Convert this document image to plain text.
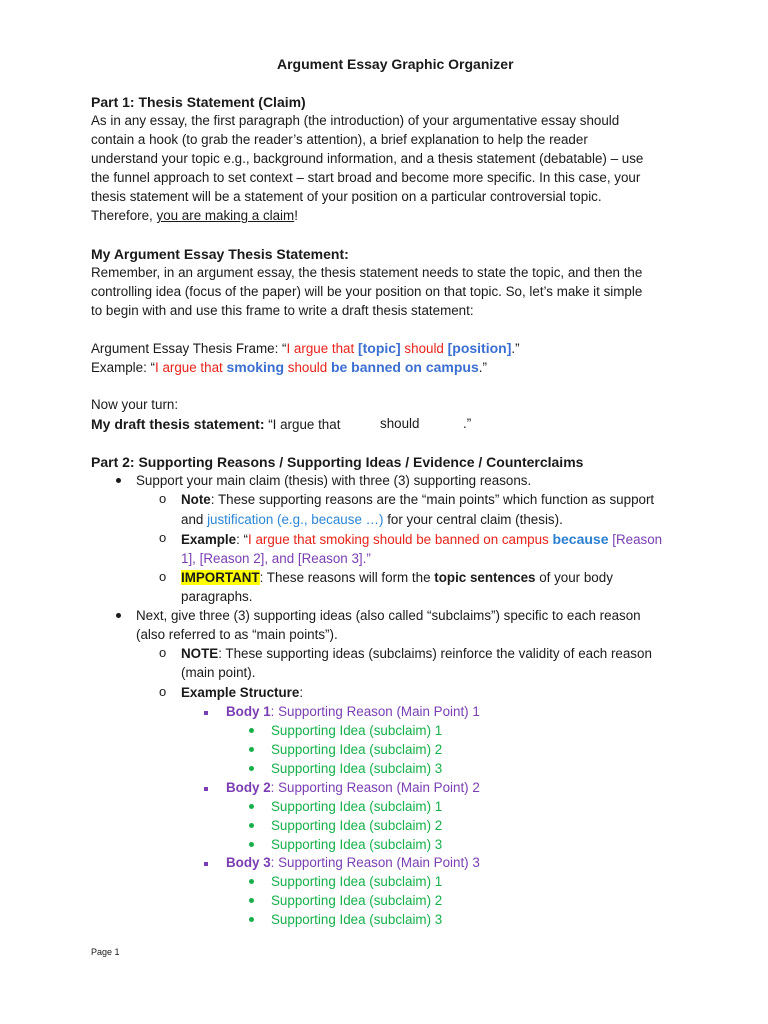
Argument Essay Graphic Organizer
Part 1: Thesis Statement (Claim)
As in any essay, the first paragraph (the introduction) of your argumentative essay should
contain a hook (to grab the reader’s attention), a brief explanation to help the reader
understand your topic e.g., background information, and a thesis statement (debatable) – use
the funnel approach to set context – start broad and become more specific. In this case, your
thesis statement will be a statement of your position on a particular controversial topic.
Therefore, you are making a claim!
My Argument Essay Thesis Statement:
Remember, in an argument essay, the thesis statement needs to state the topic, and then the
controlling idea (focus of the paper) will be your position on that topic. So, let’s make it simple
to begin with and use this frame to write a draft thesis statement:
Argument Essay Thesis Frame: “I argue that [topic] should [position].”
Example: “I argue that smoking should be banned on campus.”
Now your turn:
My draft thesis statement: “I argue that	should	.”
Part 2: Supporting Reasons / Supporting Ideas / Evidence / Counterclaims
Support your main claim (thesis) with three (3) supporting reasons.
o Note: These supporting reasons are the “main points” which function as support
and justification (e.g., because …) for your central claim (thesis).
o Example: “I argue that smoking should be banned on campus because [Reason
1], [Reason 2], and [Reason 3].”
o IMPORTANT: These reasons will form the topic sentences of your body
paragraphs.
Next, give three (3) supporting ideas (also called “subclaims”) specific to each reason
(also referred to as “main points”).
o NOTE: These supporting ideas (subclaims) reinforce the validity of each reason
(main point).
o Example Structure:
Body 1: Supporting Reason (Main Point) 1
Supporting Idea (subclaim) 1
Supporting Idea (subclaim) 2
Supporting Idea (subclaim) 3
Body 2: Supporting Reason (Main Point) 2
Supporting Idea (subclaim) 1
Supporting Idea (subclaim) 2
Supporting Idea (subclaim) 3
Body 3: Supporting Reason (Main Point) 3
Supporting Idea (subclaim) 1
Supporting Idea (subclaim) 2
Supporting Idea (subclaim) 3
Page 1
